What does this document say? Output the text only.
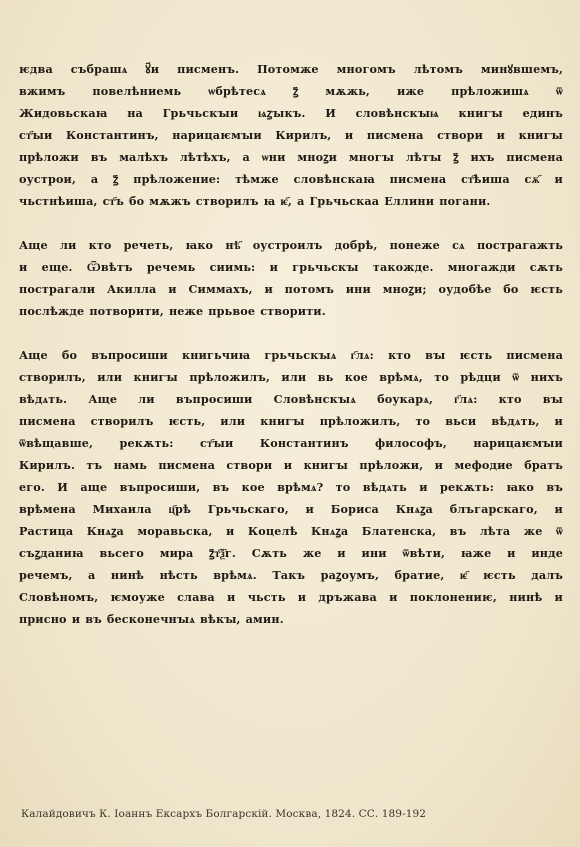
ѥдва събрашѧ ꙋ҃и писменъ. Потомже многомъ лѣтомъ минꙋвшемъ,
вжимъ повелѣниемь ѡбрѣтесѧ ꙁ҃ мѫжь, иже прѣложишѧ ѿ
Жидовьскаꙗ на Грьчьскꙑи ѩꙁꙑкъ. И словѣнскꙑѩ книгꙑ единъ
ст҃ꙑи Константинъ, нарицаѥмꙑи Кирилъ, и писмена створи и книгꙑ
прѣложи въ малѣхъ лѣтѣхъ, а ѡни мноꙁи многꙑ лѣтꙑ ꙁ҃ ихъ писмена
оустрои, а ꙁ҃ прѣложение: тѣмже словѣнскаꙗ писмена ст҃ѣиша сѫ҃ и
чьстнѣиша, ст҃ъ бо мѫжъ створилъ ꙗ ѥ҃, а Грьчьскаа Еллини погани.

Аще ли кто речеть, ꙗко нѣ҃ оустроилъ добрѣ, понеже сѧ пострагажть
и еще. Ѿвѣтъ речемь сиимь: и грьчьскꙑ такожде. многажди сѫть
пострагали Акилла и Симмахъ, и потомъ ини мноꙁи; оудобѣе бо ѥсть
послѣжде потворити, неже прьвое створити.

Аще бо въпросиши книгьчиꙗ грьчьскꙑѧ г҃лѧ: кто вꙑ ѥсть писмена
створилъ, или книгꙑ прѣложилъ, или вь кое врѣмѧ, то рѣдци ѿ нихъ
вѣдѧть. Аще ли въпросиши Словѣнскꙑѧ боукарѧ, г҃лѧ: кто вꙑ
писмена створилъ ѥсть, или книгꙑ прѣложилъ, то вьси вѣдѧть, и
ѿвѣщавше, рекѫть: ст҃ꙑи Константинъ философъ, нарицаѥмꙑи
Кирилъ. тъ намь писмена створи и книгꙑ прѣложи, и мефодие братъ
его. И аще въпросиши, въ кое врѣмѧ? то вѣдѧть и рекѫть: ꙗко въ
врѣмена Михаила ц҃рѣ Грьчьскаго, и Бориса Кнѧꙁа блъгарскаго, и
Растица Кнѧꙁа моравьска, и Коцелѣ Кнѧꙁа Блатенска, въ лѣта же ѿ
съꙁданиꙗ вьсего мира ꙁ҃т҃ѯ҃г. Сѫть же и ини ѿвѣти, ꙗже и инде
речемъ, а нинѣ нѣсть врѣмѧ. Такъ раꙁоумъ, братие, ѥ҃ ѥсть далъ
Словѣномъ, ѥмоуже слава и чьсть и дръжава и поклонениѥ, нинѣ и
присно и въ бесконечнꙑѧ вѣкꙑ, амин.

Калайдовичъ К. Іоаннъ Ексархъ Болгарскій. Москва, 1824. СС. 189-192
